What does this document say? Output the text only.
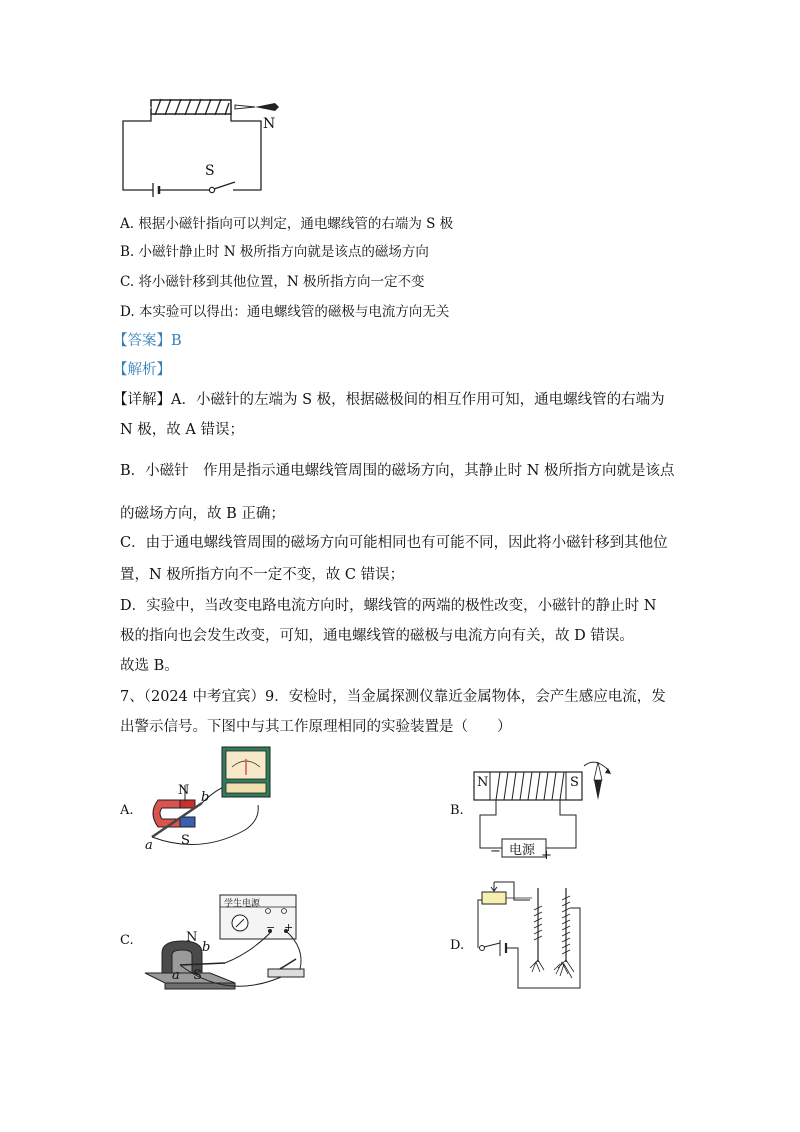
N
S
A. 根据小磁针指向可以判定，通电螺线管的右端为 S 极
B. 小磁针静止时 N 极所指方向就是该点的磁场方向
C. 将小磁针移到其他位置，N 极所指方向一定不变
D. 本实验可以得出：通电螺线管的磁极与电流方向无关
【答案】B
【解析】
【详解】A．小磁针的左端为 S 极，根据磁极间的相互作用可知，通电螺线管的右端为
N 极，故 A 错误；
B．小磁针　作用是指示通电螺线管周围的磁场方向，其静止时 N 极所指方向就是该点
的磁场方向，故 B 正确；
C．由于通电螺线管周围的磁场方向可能相同也有可能不同，因此将小磁针移到其他位
置，N 极所指方向不一定不变，故 C 错误；
D．实验中，当改变电路电流方向时，螺线管的两端的极性改变，小磁针的静止时 N
极的指向也会发生改变，可知，通电螺线管的磁极与电流方向有关，故 D 错误。
故选 B。
7、（2024 中考宜宾）9．安检时，当金属探测仪靠近金属物体，会产生感应电流，发
出警示信号。下图中与其工作原理相同的实验装置是（　　）
A.
N
S
a
b
B.
N	S
电源
−	+
C.
学生电源
N
S
a
b
− +
D.
